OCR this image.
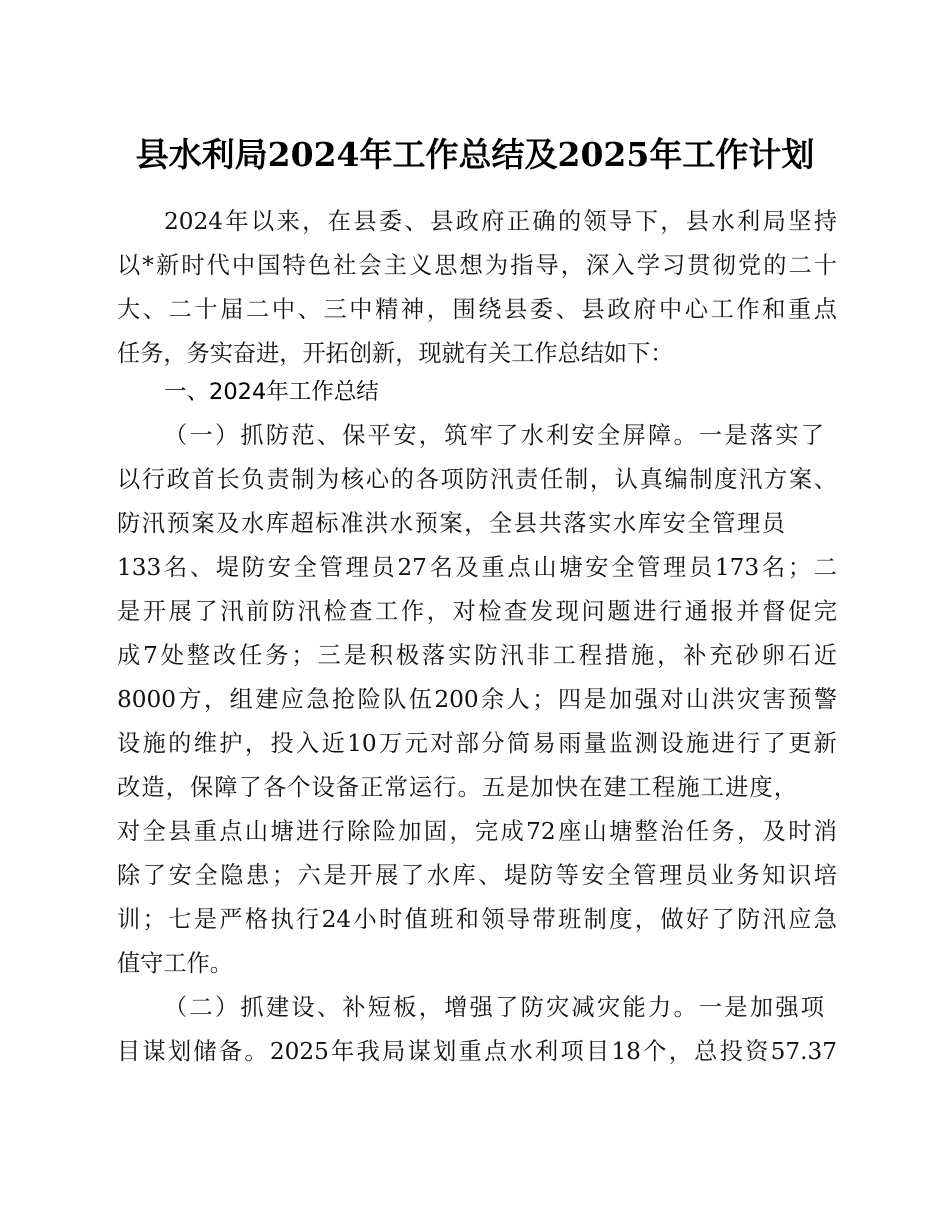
县水利局2024年工作总结及2025年工作计划

2024年以来，在县委、县政府正确的领导下，县水利局坚持

以*新时代中国特色社会主义思想为指导，深入学习贯彻党的二十

大、二十届二中、三中精神，围绕县委、县政府中心工作和重点

任务，务实奋进，开拓创新，现就有关工作总结如下：

一、2024年工作总结

（一）抓防范、保平安，筑牢了水利安全屏障。一是落实了

以行政首长负责制为核心的各项防汛责任制，认真编制度汛方案、

防汛预案及水库超标准洪水预案，全县共落实水库安全管理员

133名、堤防安全管理员27名及重点山塘安全管理员173名；二

是开展了汛前防汛检查工作，对检查发现问题进行通报并督促完

成7处整改任务；三是积极落实防汛非工程措施，补充砂卵石近

8000方，组建应急抢险队伍200余人；四是加强对山洪灾害预警

设施的维护，投入近10万元对部分简易雨量监测设施进行了更新

改造，保障了各个设备正常运行。五是加快在建工程施工进度，

对全县重点山塘进行除险加固，完成72座山塘整治任务，及时消

除了安全隐患；六是开展了水库、堤防等安全管理员业务知识培

训；七是严格执行24小时值班和领导带班制度，做好了防汛应急

值守工作。

（二）抓建设、补短板，增强了防灾减灾能力。一是加强项

目谋划储备。2025年我局谋划重点水利项目18个，总投资57.37
